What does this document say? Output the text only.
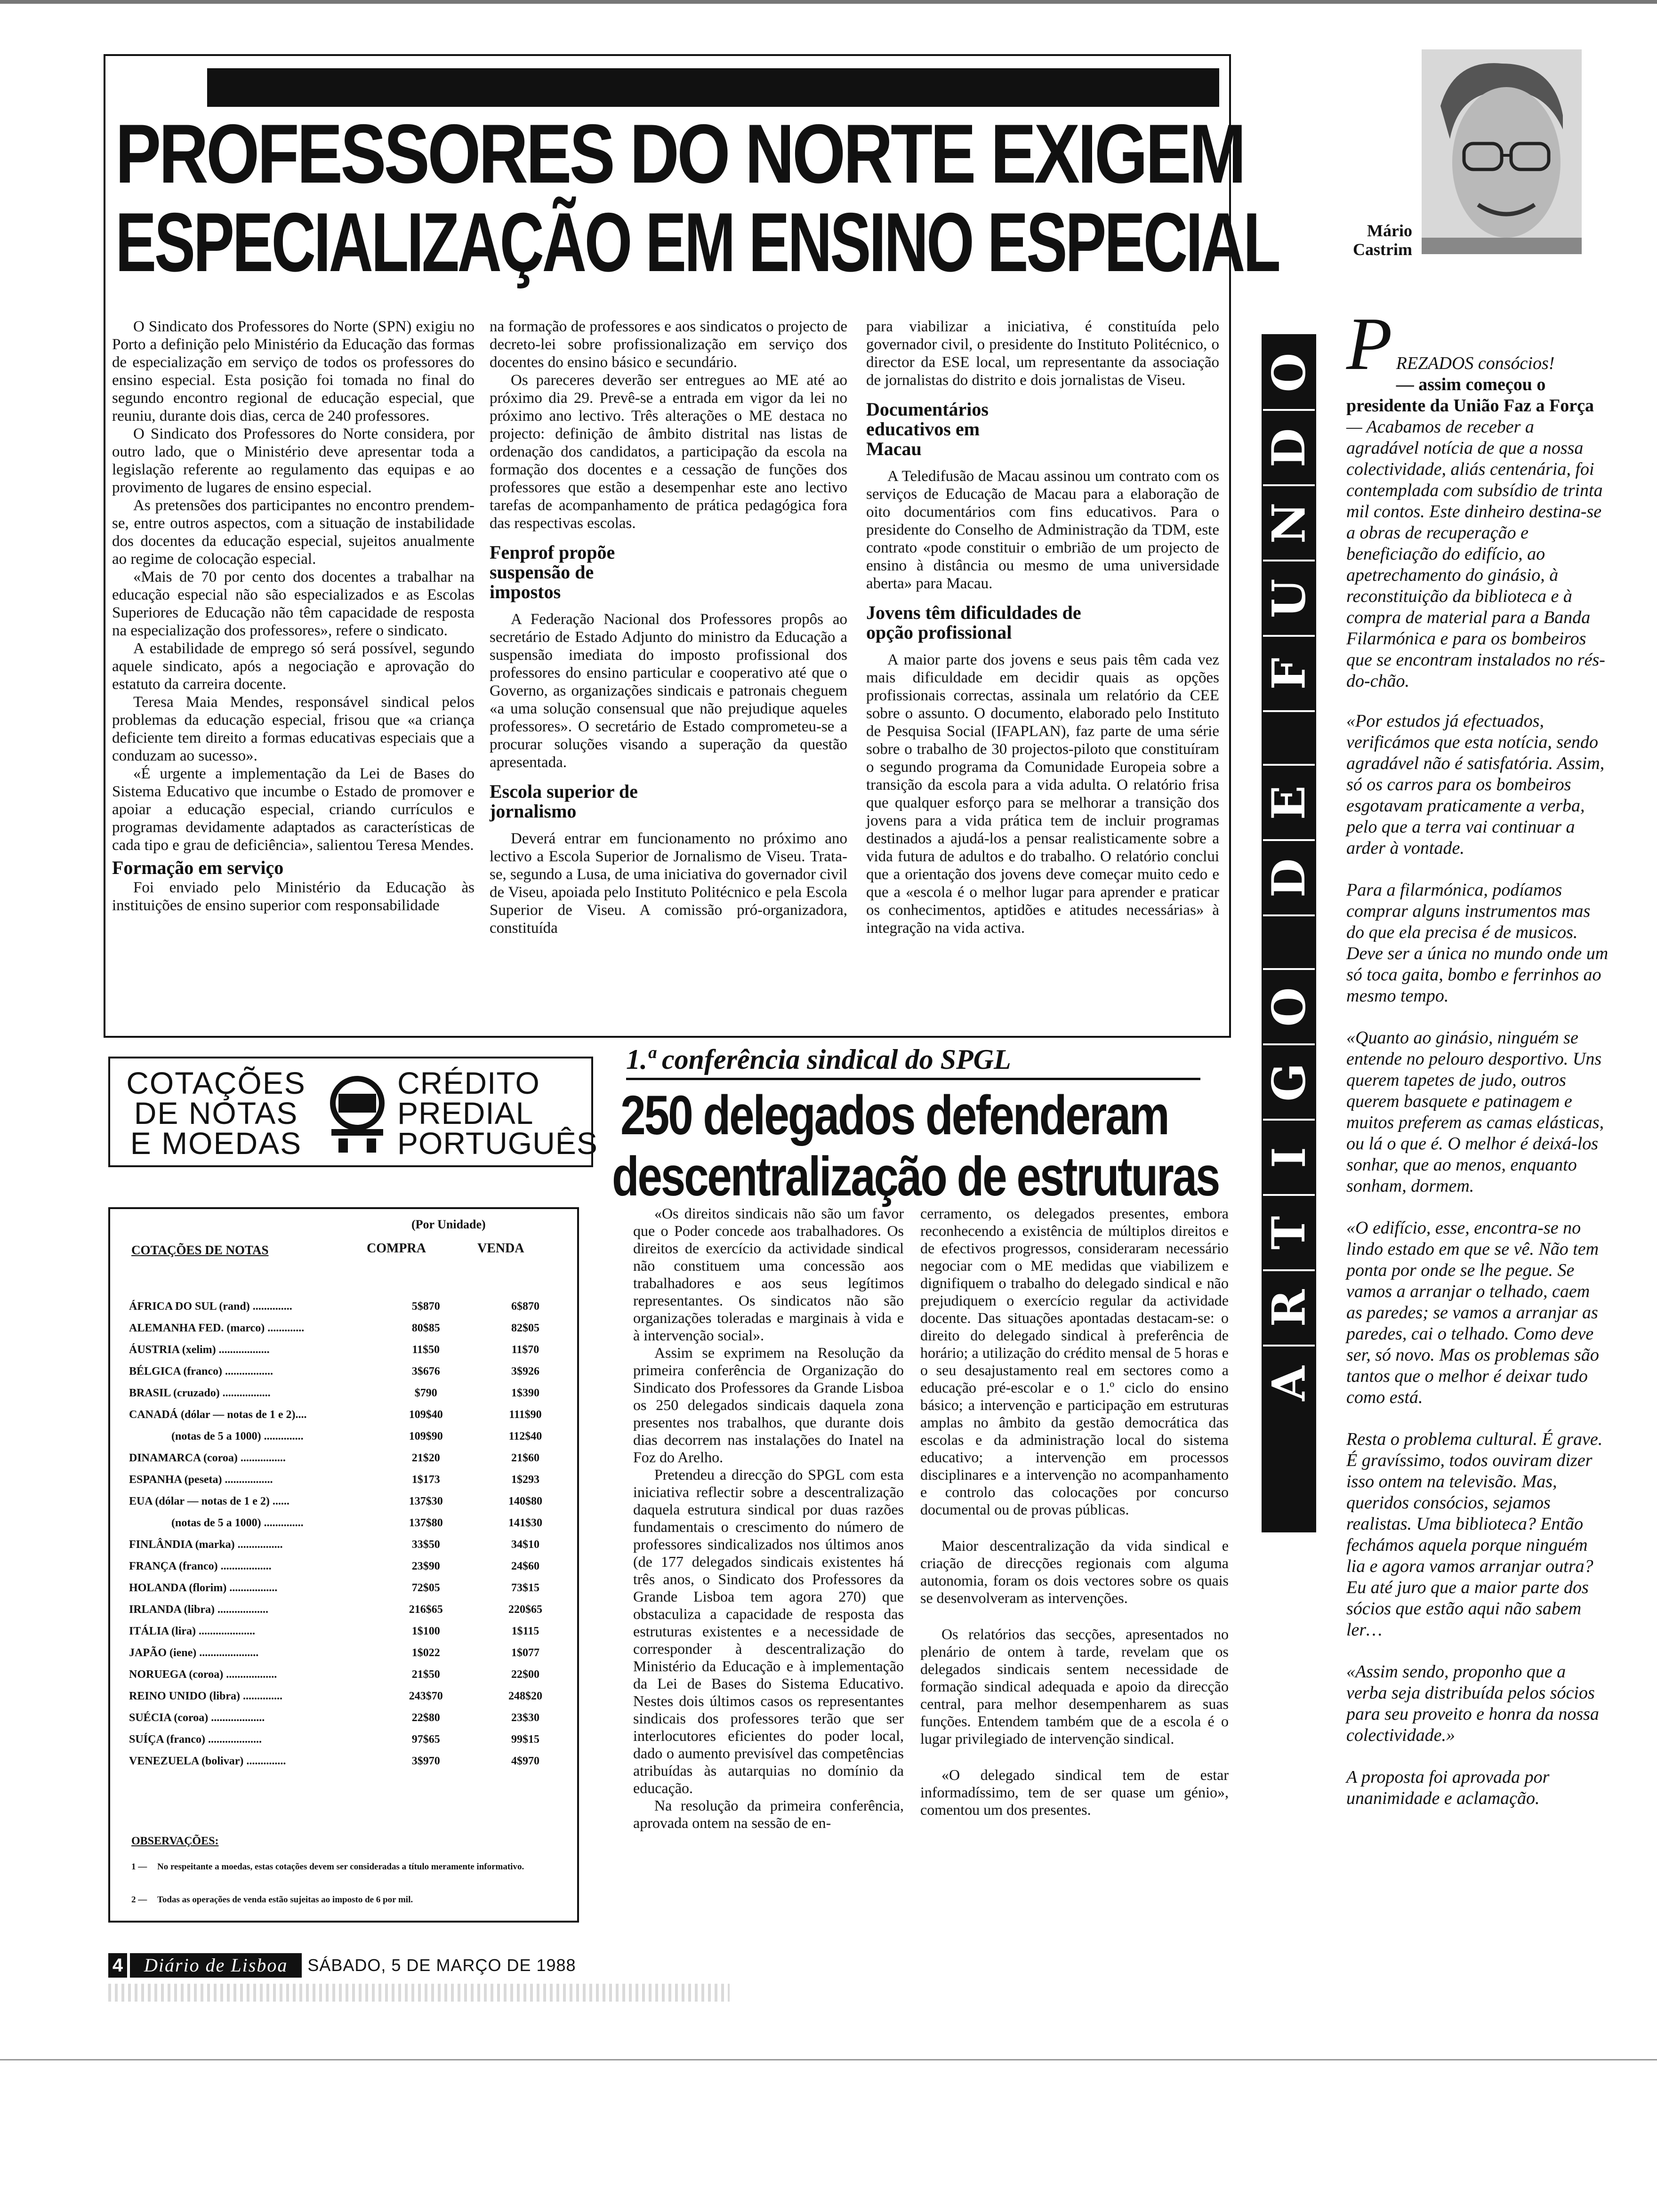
PROFESSORES DO NORTE EXIGEM
ESPECIALIZAÇÃO EM ENSINO ESPECIAL

O Sindicato dos Professores do Norte (SPN) exigiu no Porto a definição pelo Ministério da Educação das formas de especialização em serviço de todos os professores do ensino especial. Esta posição foi tomada no final do segundo encontro regional de educação especial, que reuniu, durante dois dias, cerca de 240 professores.

O Sindicato dos Professores do Norte considera, por outro lado, que o Ministério deve apresentar toda a legislação referente ao regulamento das equipas e ao provimento de lugares de ensino especial.

As pretensões dos participantes no encontro prendem-se, entre outros aspectos, com a situação de instabilidade dos docentes da educação especial, sujeitos anualmente ao regime de colocação especial.

«Mais de 70 por cento dos docentes a trabalhar na educação especial não são especializados e as Escolas Superiores de Educação não têm capacidade de resposta na especialização dos professores», refere o sindicato.

A estabilidade de emprego só será possível, segundo aquele sindicato, após a negociação e aprovação do estatuto da carreira docente.

Teresa Maia Mendes, responsável sindical pelos problemas da educação especial, frisou que «a criança deficiente tem direito a formas educativas especiais que a conduzam ao sucesso».

«É urgente a implementação da Lei de Bases do Sistema Educativo que incumbe o Estado de promover e apoiar a educação especial, criando currículos e programas devidamente adaptados as características de cada tipo e grau de deficiência», salientou Teresa Mendes.

Formação em serviço

Foi enviado pelo Ministério da Educação às instituições de ensino superior com responsabilidade

na formação de professores e aos sindicatos o projecto de decreto-lei sobre profissionalização em serviço dos docentes do ensino básico e secundário.

Os pareceres deverão ser entregues ao ME até ao próximo dia 29. Prevê-se a entrada em vigor da lei no próximo ano lectivo. Três alterações o ME destaca no projecto: definição de âmbito distrital nas listas de ordenação dos candidatos, a participação da escola na formação dos docentes e a cessação de funções dos professores que estão a desempenhar este ano lectivo tarefas de acompanhamento de prática pedagógica fora das respectivas escolas.

Fenprof propõe suspensão de impostos

A Federação Nacional dos Professores propôs ao secretário de Estado Adjunto do ministro da Educação a suspensão imediata do imposto profissional dos professores do ensino particular e cooperativo até que o Governo, as organizações sindicais e patronais cheguem «a uma solução consensual que não prejudique aqueles professores». O secretário de Estado comprometeu-se a procurar soluções visando a superação da questão apresentada.

Escola superior de jornalismo

Deverá entrar em funcionamento no próximo ano lectivo a Escola Superior de Jornalismo de Viseu. Trata-se, segundo a Lusa, de uma iniciativa do governador civil de Viseu, apoiada pelo Instituto Politécnico e pela Escola Superior de Viseu. A comissão pró-organizadora, constituída

para viabilizar a iniciativa, é constituída pelo governador civil, o presidente do Instituto Politécnico, o director da ESE local, um representante da associação de jornalistas do distrito e dois jornalistas de Viseu.

Documentários educativos em Macau

A Teledifusão de Macau assinou um contrato com os serviços de Educação de Macau para a elaboração de oito documentários com fins educativos. Para o presidente do Conselho de Administração da TDM, este contrato «pode constituir o embrião de um projecto de ensino à distância ou mesmo de uma universidade aberta» para Macau.

Jovens têm dificuldades de opção profissional

A maior parte dos jovens e seus pais têm cada vez mais dificuldade em decidir quais as opções profissionais correctas, assinala um relatório da CEE sobre o assunto. O documento, elaborado pelo Instituto de Pesquisa Social (IFAPLAN), faz parte de uma série sobre o trabalho de 30 projectos-piloto que constituíram o segundo programa da Comunidade Europeia sobre a transição da escola para a vida adulta. O relatório frisa que qualquer esforço para se melhorar a transição dos jovens para a vida prática tem de incluir programas destinados a ajudá-los a pensar realisticamente sobre a vida futura de adultos e do trabalho. O relatório conclui que a orientação dos jovens deve começar muito cedo e que a «escola é o melhor lugar para aprender e praticar os conhecimentos, aptidões e atitudes necessárias» à integração na vida activa.

Mário Castrim
O
D
N
U
F
E
D
O
G
I
T
R
A

P REZADOS consócios!
— assim começou o presidente da União Faz a Força — Acabamos de receber a agradável notícia de que a nossa colectividade, aliás centenária, foi contemplada com subsídio de trinta mil contos. Este dinheiro destina-se a obras de recuperação e beneficiação do edifício, ao apetrechamento do ginásio, à reconstituição da biblioteca e à compra de material para a Banda Filarmónica e para os bombeiros que se encontram instalados no rés-do-chão.

«Por estudos já efectuados, verificámos que esta notícia, sendo agradável não é satisfatória. Assim, só os carros para os bombeiros esgotavam praticamente a verba, pelo que a terra vai continuar a arder à vontade.

Para a filarmónica, podíamos comprar alguns instrumentos mas do que ela precisa é de musicos. Deve ser a única no mundo onde um só toca gaita, bombo e ferrinhos ao mesmo tempo.

«Quanto ao ginásio, ninguém se entende no pelouro desportivo. Uns querem tapetes de judo, outros querem basquete e patinagem e muitos preferem as camas elásticas, ou lá o que é. O melhor é deixá-los sonhar, que ao menos, enquanto sonham, dormem.

«O edifício, esse, encontra-se no lindo estado em que se vê. Não tem ponta por onde se lhe pegue. Se vamos a arranjar o telhado, caem as paredes; se vamos a arranjar as paredes, cai o telhado. Como deve ser, só novo. Mas os problemas são tantos que o melhor é deixar tudo como está.

Resta o problema cultural. É grave. É gravíssimo, todos ouviram dizer isso ontem na televisão. Mas, queridos consócios, sejamos realistas. Uma biblioteca? Então fechámos aquela porque ninguém lia e agora vamos arranjar outra? Eu até juro que a maior parte dos sócios que estão aqui não sabem ler…

«Assim sendo, proponho que a verba seja distribuída pelos sócios para seu proveito e honra da nossa colectividade.»

A proposta foi aprovada por unanimidade e aclamação.

COTAÇÕES
DE NOTAS
E MOEDAS
CRÉDITO
PREDIAL
PORTUGUÊS
(Por Unidade)
COTAÇÕES DE NOTAS	COMPRA	VENDA
ÁFRICA DO SUL (rand) ..............	5$870	6$870
ALEMANHA FED. (marco) .............	80$85	82$05
ÁUSTRIA (xelim) ..................	11$50	11$70
BÉLGICA (franco) .................	3$676	3$926
BRASIL (cruzado) .................	$790	1$390
CANADÁ (dólar — notas de 1 e 2)....	109$40	111$90
(notas de 5 a 1000) ..............	109$90	112$40
DINAMARCA (coroa) ................	21$20	21$60
ESPANHA (peseta) .................	1$173	1$293
EUA (dólar — notas de 1 e 2) ......	137$30	140$80
(notas de 5 a 1000) ..............	137$80	141$30
FINLÂNDIA (marka) ................	33$50	34$10
FRANÇA (franco) ..................	23$90	24$60
HOLANDA (florim) .................	72$05	73$15
IRLANDA (libra) ..................	216$65	220$65
ITÁLIA (lira) ....................	1$100	1$115
JAPÃO (iene) .....................	1$022	1$077
NORUEGA (coroa) ..................	21$50	22$00
REINO UNIDO (libra) ..............	243$70	248$20
SUÉCIA (coroa) ...................	22$80	23$30
SUÍÇA (franco) ...................	97$65	99$15
VENEZUELA (bolivar) ..............	3$970	4$970
OBSERVAÇÕES:
1 —	No respeitante a moedas, estas cotações devem ser consideradas a título meramente informativo.
2 —	Todas as operações de venda estão sujeitas ao imposto de 6 por mil.
1.ª conferência sindical do SPGL
250 delegados defenderam
descentralização de estruturas

«Os direitos sindicais não são um favor que o Poder concede aos trabalhadores. Os direitos de exercício da actividade sindical não constituem uma concessão aos trabalhadores e aos seus legítimos representantes. Os sindicatos não são organizações toleradas e marginais à vida e à intervenção social».

Assim se exprimem na Resolução da primeira conferência de Organização do Sindicato dos Professores da Grande Lisboa os 250 delegados sindicais daquela zona presentes nos trabalhos, que durante dois dias decorrem nas instalações do Inatel na Foz do Arelho.

Pretendeu a direcção do SPGL com esta iniciativa reflectir sobre a descentralização daquela estrutura sindical por duas razões fundamentais o crescimento do número de professores sindicalizados nos últimos anos (de 177 delegados sindicais existentes há três anos, o Sindicato dos Professores da Grande Lisboa tem agora 270) que obstaculiza a capacidade de resposta das estruturas existentes e a necessidade de corresponder à descentralização do Ministério da Educação e à implementação da Lei de Bases do Sistema Educativo. Nestes dois últimos casos os representantes sindicais dos professores terão que ser interlocutores eficientes do poder local, dado o aumento previsível das competências atribuídas às autarquias no domínio da educação.

Na resolução da primeira conferência, aprovada ontem na sessão de en-

cerramento, os delegados presentes, embora reconhecendo a existência de múltiplos direitos e de efectivos progressos, consideraram necessário negociar com o ME medidas que viabilizem e dignifiquem o trabalho do delegado sindical e não prejudiquem o exercício regular da actividade docente. Das situações apontadas destacam-se: o direito do delegado sindical à preferência de horário; a utilização do crédito mensal de 5 horas e o seu desajustamento real em sectores como a educação pré-escolar e o 1.º ciclo do ensino básico; a intervenção e participação em estruturas amplas no âmbito da gestão democrática das escolas e da administração local do sistema educativo; a intervenção em processos disciplinares e a intervenção no acompanhamento e controlo das colocações por concurso documental ou de provas públicas.

Maior descentralização da vida sindical e criação de direcções regionais com alguma autonomia, foram os dois vectores sobre os quais se desenvolveram as intervenções.

Os relatórios das secções, apresentados no plenário de ontem à tarde, revelam que os delegados sindicais sentem necessidade de formação sindical adequada e apoio da direcção central, para melhor desempenharem as suas funções. Entendem também que de a escola é o lugar privilegiado de intervenção sindical.

«O delegado sindical tem de estar informadíssimo, tem de ser quase um génio», comentou um dos presentes.

4	Diário de Lisboa	SÁBADO, 5 DE MARÇO DE 1988
